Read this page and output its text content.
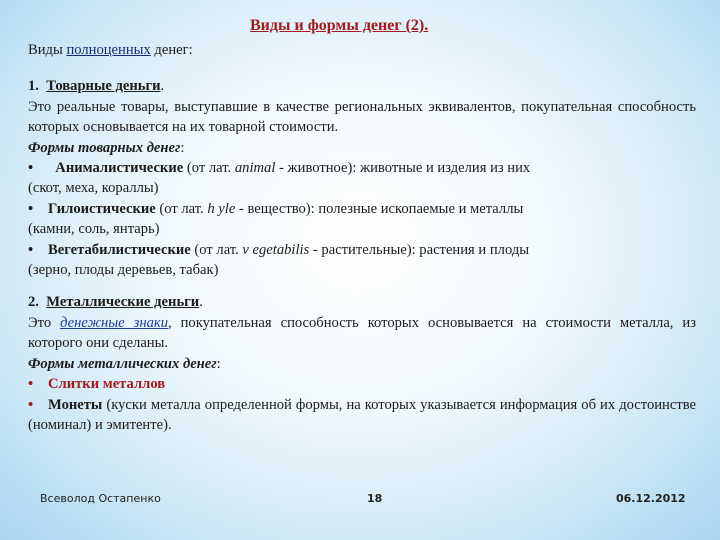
Виды и формы денег (2).

Виды полноценных денег:

1. Товарные деньги.

Это реальные товары, выступавшие в качестве региональных эквивалентов, покупательная способность которых основывается на их товарной стоимости.

Формы товарных денег:

• Анималистические (от лат. animal - животное): животные и изделия из них

(скот, меха, кораллы)

• Гилоистические (от лат. h yle - вещество): полезные ископаемые и металлы

(камни, соль, янтарь)

• Вегетабилистические (от лат. v egetabilis - растительные): растения и плоды

(зерно, плоды деревьев, табак)

2. Металлические деньги.

Это денежные знаки, покупательная способность которых основывается на стоимости металла, из которого они сделаны.

Формы металлических денег:

• Слитки металлов

• Монеты (куски металла определенной формы, на которых указывается информация об их достоинстве (номинал) и эмитенте).

Всеволод Остапенко	18	06.12.2012
